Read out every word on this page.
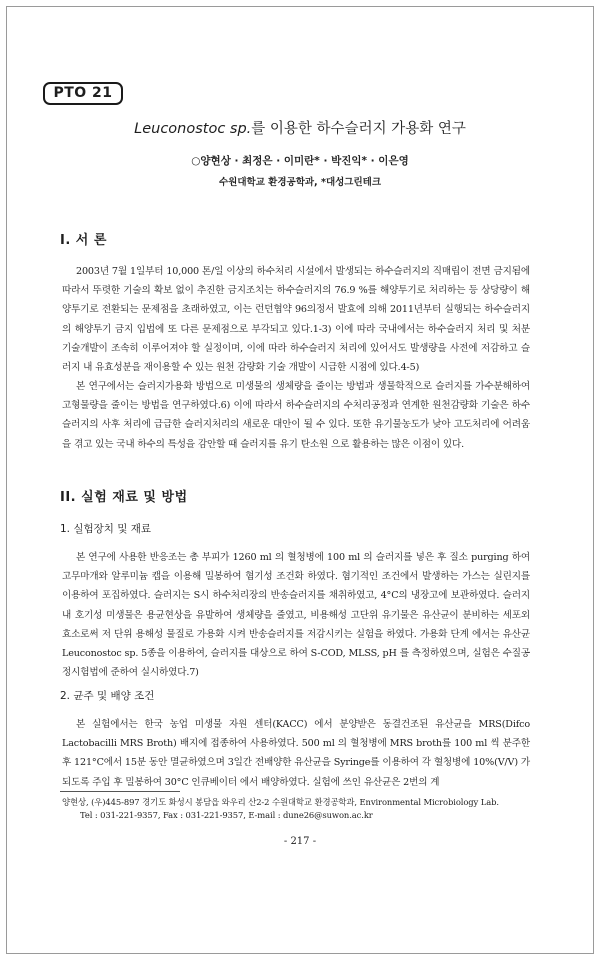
PTO 21
Leuconostoc sp.를 이용한 하수슬러지 가용화 연구
○양현상 · 최정은 · 이미란* · 박진익* · 이은영
수원대학교 환경공학과, *대성그린테크
I. 서 론

2003년 7월 1일부터 10,000 톤/일 이상의 하수처리 시설에서 발생되는 하수슬러지의 직매립이 전면 금지됨에 따라서 뚜렷한 기술의 확보 없이 추진한 금지조치는 하수슬러지의 76.9 %를 해양투기로 처리하는 등 상당량이 해양투기로 전환되는 문제점을 초래하였고, 이는 런던협약 96의정서 발효에 의해 2011년부터 실행되는 하수슬러지의 해양투기 금지 입법에 또 다른 문제점으로 부각되고 있다.1-3) 이에 따라 국내에서는 하수슬러지 처리 및 처분 기술개발이 조속히 이루어져야 할 실정이며, 이에 따라 하수슬러지 처리에 있어서도 발생량을 사전에 저감하고 슬러지 내 유효성분을 재이용할 수 있는 원천 감량화 기술 개발이 시급한 시점에 있다.4-5)

본 연구에서는 슬러지가용화 방법으로 미생물의 생체량을 줄이는 방법과 생물학적으로 슬러지를 가수분해하여 고형물량을 줄이는 방법을 연구하였다.6) 이에 따라서 하수슬러지의 수처리공정과 연계한 원천감량화 기술은 하수슬러지의 사후 처리에 급급한 슬러지처리의 새로운 대안이 될 수 있다. 또한 유기물농도가 낮아 고도처리에 어려움을 겪고 있는 국내 하수의 특성을 감안할 때 슬러지를 유기 탄소원 으로 활용하는 많은 이점이 있다.

II. 실험 재료 및 방법
1. 실험장치 및 재료

본 연구에 사용한 반응조는 총 부피가 1260 ml 의 혈청병에 100 ml 의 슬러지를 넣은 후 질소 purging 하여 고무마개와 알루미늄 캡을 이용해 밀봉하여 혐기성 조건화 하였다. 혐기적인 조건에서 발생하는 가스는 실린지를 이용하여 포집하였다. 슬러지는 S시 하수처리장의 반송슬러지를 채취하였고, 4°C의 냉장고에 보관하였다. 슬러지 내 호기성 미생물은 용균현상을 유발하여 생체량을 줄였고, 비용해성 고단위 유기물은 유산균이 분비하는 세포외 효소로써 저 단위 용해성 물질로 가용화 시켜 반송슬러지를 저감시키는 실험을 하였다. 가용화 단계 에서는 유산균 Leuconostoc sp. 5종을 이용하여, 슬러지를 대상으로 하여 S-COD, MLSS, pH 를 측정하였으며, 실험은 수질공정시험법에 준하여 실시하였다.7)

2. 균주 및 배양 조건

본 실험에서는 한국 농업 미생물 자원 센터(KACC) 에서 분양받은 동결건조된 유산균을 MRS(Difco Lactobacilli MRS Broth) 배지에 접종하여 사용하였다. 500 ml 의 혈청병에 MRS broth를 100 ml 씩 분주한 후 121°C에서 15분 동안 멸균하였으며 3일간 전배양한 유산균을 Syringe를 이용하여 각 혈청병에 10%(V/V) 가 되도록 주입 후 밀봉하여 30°C 인큐베이터 에서 배양하였다. 실험에 쓰인 유산균은 2번의 계

양현상, (우)445-897 경기도 화성시 봉담읍 와우리 산2-2 수원대학교 환경공학과, Environmental Microbiology Lab.
Tel : 031-221-9357, Fax : 031-221-9357, E-mail : dune26@suwon.ac.kr
- 217 -
